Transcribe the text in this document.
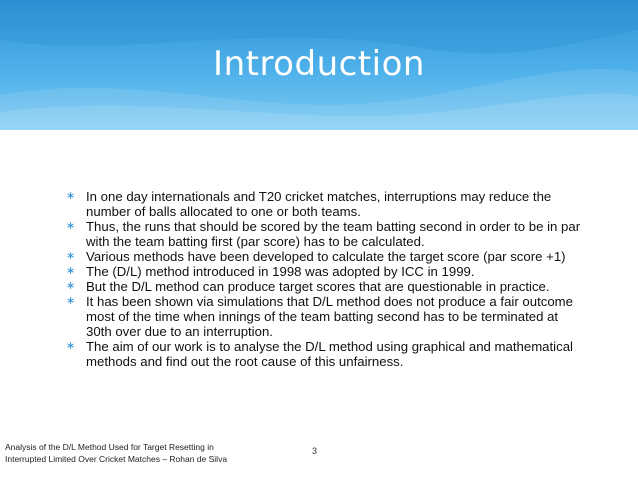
Introduction
∗ In one day internationals and T20 cricket matches, interruptions may reduce the number of balls allocated to one or both teams.
∗ Thus, the runs that should be scored by the team batting second in order to be in par with the team batting first (par score) has to be calculated.
∗ Various methods have been developed to calculate the target score (par score +1)
∗ The (D/L) method introduced in 1998 was adopted by ICC in 1999.
∗ But the D/L method can produce target scores that are questionable in practice.
∗ It has been shown via simulations that D/L method does not produce a fair outcome most of the time when innings of the team batting second has to be terminated at 30th over due to an interruption.
∗ The aim of our work is to analyse the D/L method using graphical and mathematical methods and find out the root cause of this unfairness.
Analysis of the D/L Method Used for Target Resetting in
Interrupted Limited Over Cricket Matches – Rohan de Silva
3
